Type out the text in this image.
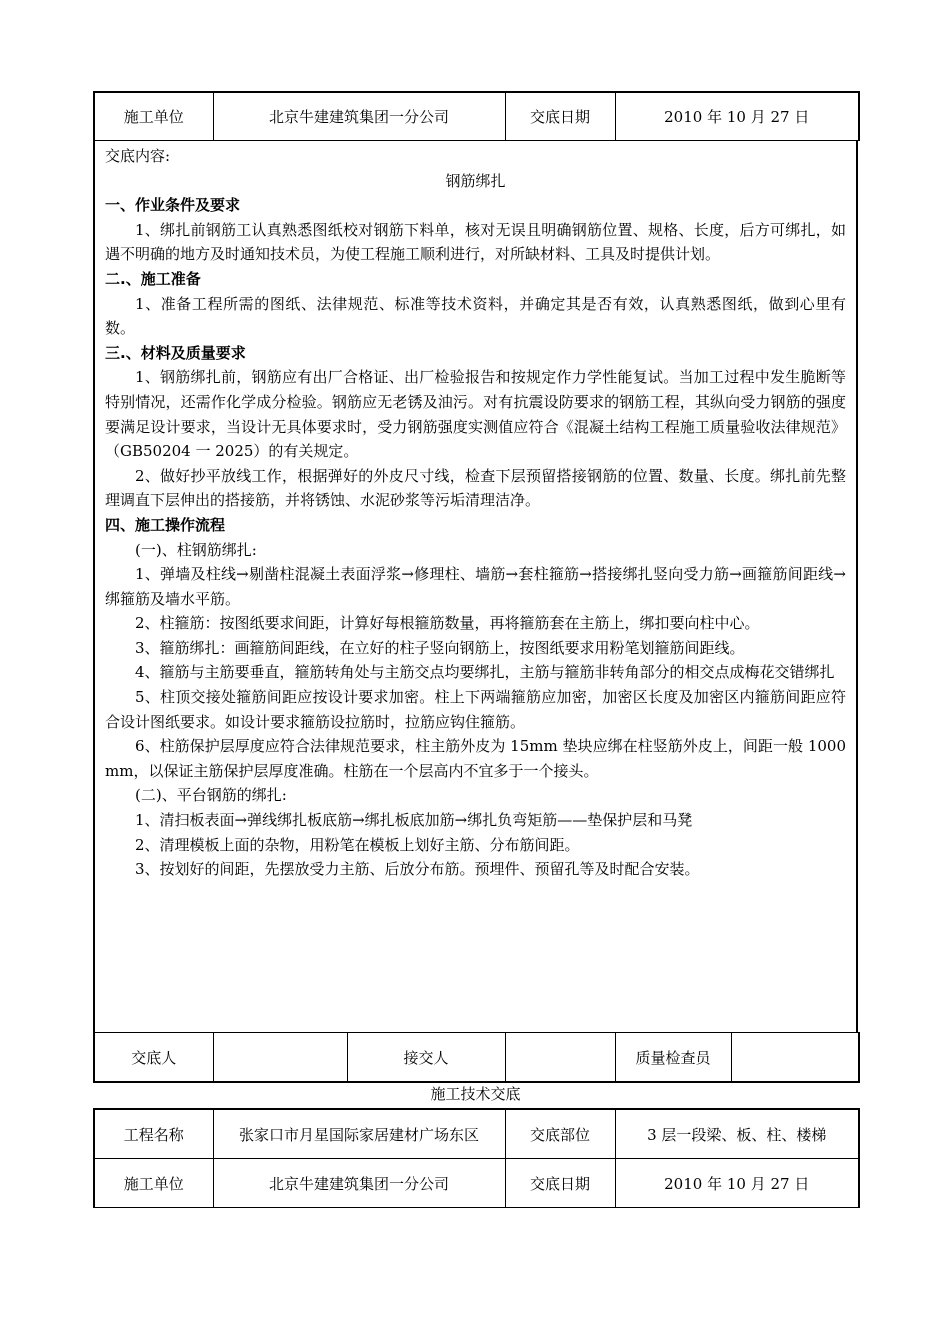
施工单位	北京牛建建筑集团一分公司	交底日期	2010 年 10 月 27 日
交底内容:
钢筋绑扎
一、作业条件及要求
1、绑扎前钢筋工认真熟悉图纸校对钢筋下料单，核对无误且明确钢筋位置、规格、长度，后方可绑扎，如遇不明确的地方及时通知技术员，为使工程施工顺利进行，对所缺材料、工具及时提供计划。
二.、施工准备
1、准备工程所需的图纸、法律规范、标准等技术资料，并确定其是否有效，认真熟悉图纸，做到心里有数。
三.、材料及质量要求
1、钢筋绑扎前，钢筋应有出厂合格证、出厂检验报告和按规定作力学性能复试。当加工过程中发生脆断等特别情况，还需作化学成分检验。钢筋应无老锈及油污。对有抗震设防要求的钢筋工程，其纵向受力钢筋的强度要满足设计要求，当设计无具体要求时，受力钢筋强度实测值应符合《混凝土结构工程施工质量验收法律规范》（GB50204 一 2025）的有关规定。
2、做好抄平放线工作，根据弹好的外皮尺寸线，检查下层预留搭接钢筋的位置、数量、长度。绑扎前先整理调直下层伸出的搭接筋，并将锈蚀、水泥砂浆等污垢清理洁净。
四、施工操作流程
(一)、柱钢筋绑扎:
1、弹墙及柱线→剔凿柱混凝土表面浮浆→修理柱、墙筋→套柱箍筋→搭接绑扎竖向受力筋→画箍筋间距线→绑箍筋及墙水平筋。
2、柱箍筋：按图纸要求间距，计算好每根箍筋数量，再将箍筋套在主筋上，绑扣要向柱中心。
3、箍筋绑扎：画箍筋间距线，在立好的柱子竖向钢筋上，按图纸要求用粉笔划箍筋间距线。
4、箍筋与主筋要垂直，箍筋转角处与主筋交点均要绑扎，主筋与箍筋非转角部分的相交点成梅花交错绑扎
5、柱顶交接处箍筋间距应按设计要求加密。柱上下两端箍筋应加密，加密区长度及加密区内箍筋间距应符合设计图纸要求。如设计要求箍筋设拉筋时，拉筋应钩住箍筋。
6、柱筋保护层厚度应符合法律规范要求，柱主筋外皮为 15mm 垫块应绑在柱竖筋外皮上，间距一般 1000 mm，以保证主筋保护层厚度准确。柱筋在一个层高内不宜多于一个接头。
(二)、平台钢筋的绑扎:
1、清扫板表面→弹线绑扎板底筋→绑扎板底加筋→绑扎负弯矩筋——垫保护层和马凳
2、清理模板上面的杂物，用粉笔在模板上划好主筋、分布筋间距。
3、按划好的间距，先摆放受力主筋、后放分布筋。预埋件、预留孔等及时配合安装。
交底人		接交人		质量检查员	
施工技术交底
工程名称	张家口市月星国际家居建材广场东区	交底部位	3 层一段梁、板、柱、楼梯
施工单位	北京牛建建筑集团一分公司	交底日期	2010 年 10 月 27 日
